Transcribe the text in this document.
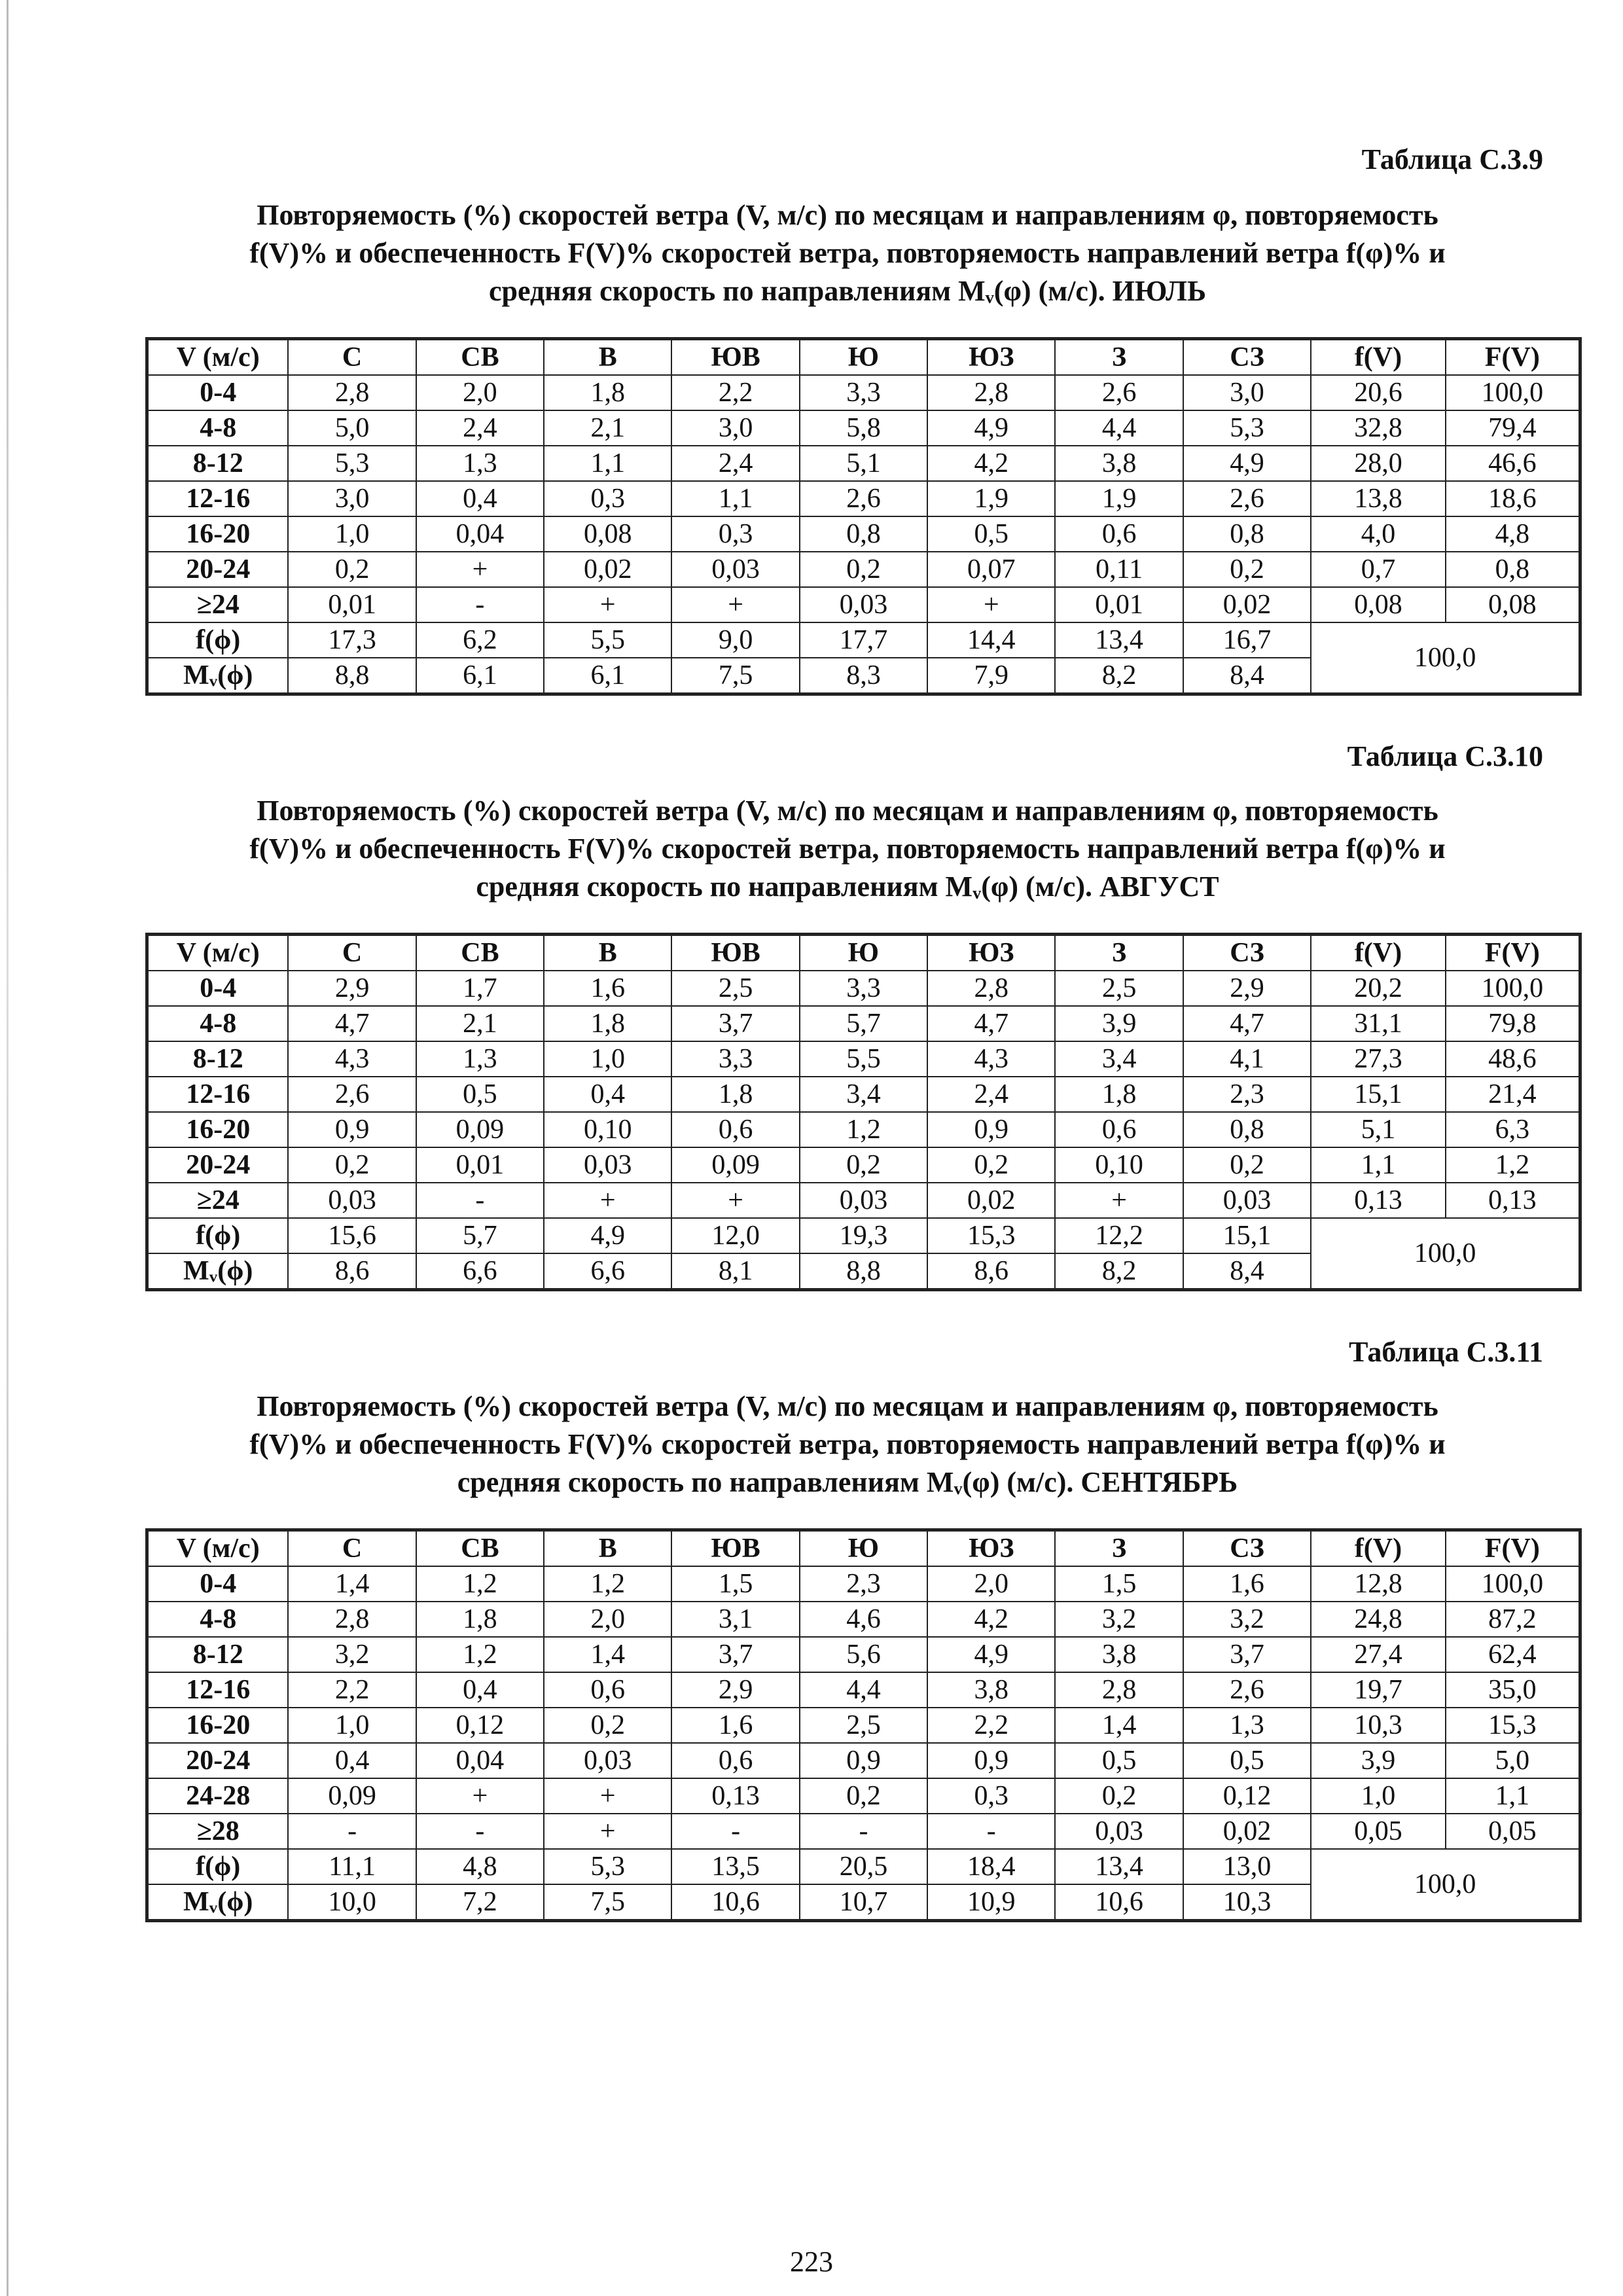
Таблица С.3.9
Повторяемость (%) скоростей ветра (V, м/с) по месяцам и направлениям φ, повторяемость
f(V)% и обеспеченность F(V)% скоростей ветра, повторяемость направлений ветра f(φ)% и
средняя скорость по направлениям Mᵥ(φ) (м/с). ИЮЛЬ
V (м/с)	С	СВ	В	ЮВ	Ю	ЮЗ	З	СЗ	f(V)	F(V)
0-4	2,8	2,0	1,8	2,2	3,3	2,8	2,6	3,0	20,6	100,0
4-8	5,0	2,4	2,1	3,0	5,8	4,9	4,4	5,3	32,8	79,4
8-12	5,3	1,3	1,1	2,4	5,1	4,2	3,8	4,9	28,0	46,6
12-16	3,0	0,4	0,3	1,1	2,6	1,9	1,9	2,6	13,8	18,6
16-20	1,0	0,04	0,08	0,3	0,8	0,5	0,6	0,8	4,0	4,8
20-24	0,2	+	0,02	0,03	0,2	0,07	0,11	0,2	0,7	0,8
≥24	0,01	-	+	+	0,03	+	0,01	0,02	0,08	0,08
f(ϕ)	17,3	6,2	5,5	9,0	17,7	14,4	13,4	16,7	100,0	
Mᵥ(ϕ)	8,8	6,1	6,1	7,5	8,3	7,9	8,2	8,4		
Таблица С.3.10
Повторяемость (%) скоростей ветра (V, м/с) по месяцам и направлениям φ, повторяемость
f(V)% и обеспеченность F(V)% скоростей ветра, повторяемость направлений ветра f(φ)% и
средняя скорость по направлениям Mᵥ(φ) (м/с). АВГУСТ
V (м/с)	С	СВ	В	ЮВ	Ю	ЮЗ	З	СЗ	f(V)	F(V)
0-4	2,9	1,7	1,6	2,5	3,3	2,8	2,5	2,9	20,2	100,0
4-8	4,7	2,1	1,8	3,7	5,7	4,7	3,9	4,7	31,1	79,8
8-12	4,3	1,3	1,0	3,3	5,5	4,3	3,4	4,1	27,3	48,6
12-16	2,6	0,5	0,4	1,8	3,4	2,4	1,8	2,3	15,1	21,4
16-20	0,9	0,09	0,10	0,6	1,2	0,9	0,6	0,8	5,1	6,3
20-24	0,2	0,01	0,03	0,09	0,2	0,2	0,10	0,2	1,1	1,2
≥24	0,03	-	+	+	0,03	0,02	+	0,03	0,13	0,13
f(ϕ)	15,6	5,7	4,9	12,0	19,3	15,3	12,2	15,1	100,0	
Mᵥ(ϕ)	8,6	6,6	6,6	8,1	8,8	8,6	8,2	8,4		
Таблица С.3.11
Повторяемость (%) скоростей ветра (V, м/с) по месяцам и направлениям φ, повторяемость
f(V)% и обеспеченность F(V)% скоростей ветра, повторяемость направлений ветра f(φ)% и
средняя скорость по направлениям Mᵥ(φ) (м/с). СЕНТЯБРЬ
V (м/с)	С	СВ	В	ЮВ	Ю	ЮЗ	З	СЗ	f(V)	F(V)
0-4	1,4	1,2	1,2	1,5	2,3	2,0	1,5	1,6	12,8	100,0
4-8	2,8	1,8	2,0	3,1	4,6	4,2	3,2	3,2	24,8	87,2
8-12	3,2	1,2	1,4	3,7	5,6	4,9	3,8	3,7	27,4	62,4
12-16	2,2	0,4	0,6	2,9	4,4	3,8	2,8	2,6	19,7	35,0
16-20	1,0	0,12	0,2	1,6	2,5	2,2	1,4	1,3	10,3	15,3
20-24	0,4	0,04	0,03	0,6	0,9	0,9	0,5	0,5	3,9	5,0
24-28	0,09	+	+	0,13	0,2	0,3	0,2	0,12	1,0	1,1
≥28	-	-	+	-	-	-	0,03	0,02	0,05	0,05
f(ϕ)	11,1	4,8	5,3	13,5	20,5	18,4	13,4	13,0	100,0	
Mᵥ(ϕ)	10,0	7,2	7,5	10,6	10,7	10,9	10,6	10,3		
223
